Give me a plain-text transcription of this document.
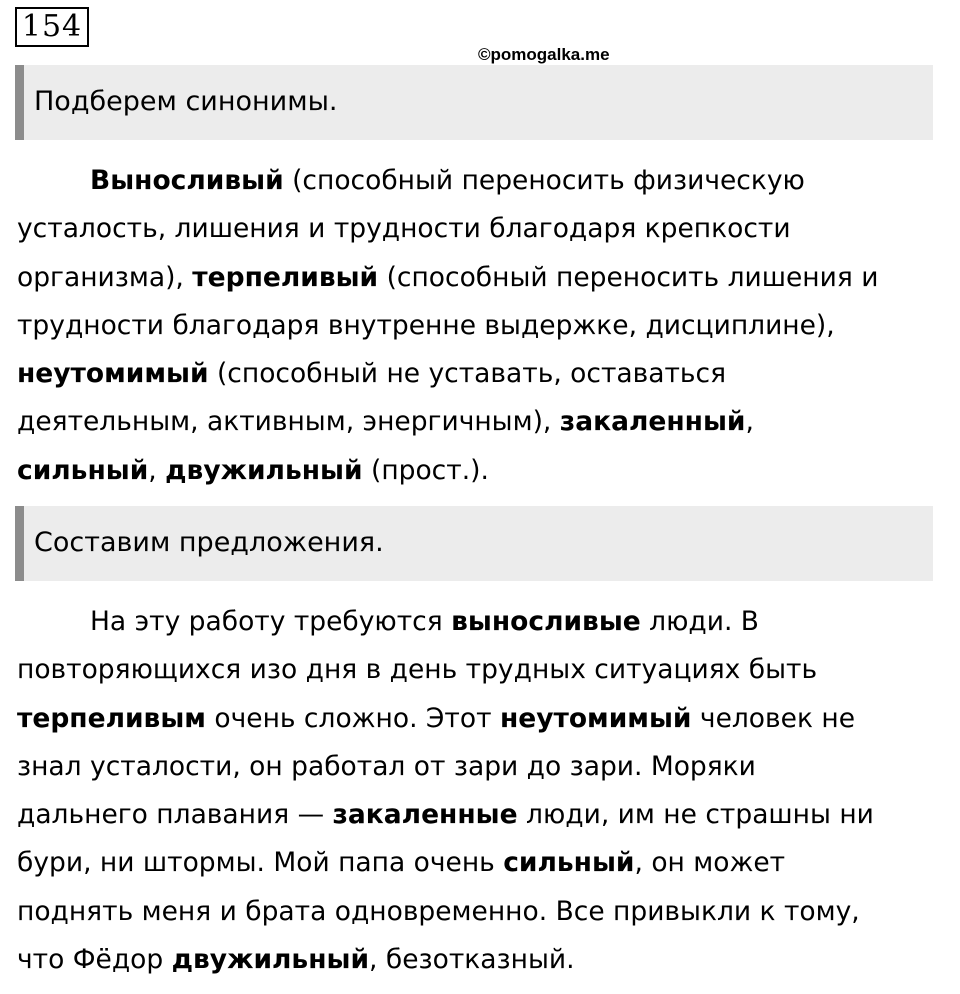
154
©pomogalka.me
Подберем синонимы.
Выносливый (способный переносить физическую
усталость, лишения и трудности благодаря крепкости
организма), терпеливый (способный переносить лишения и
трудности благодаря внутренне выдержке, дисциплине),
неутомимый (способный не уставать, оставаться
деятельным, активным, энергичным), закаленный,
сильный, двужильный (прост.).
Составим предложения.
На эту работу требуются выносливые люди. В
повторяющихся изо дня в день трудных ситуациях быть
терпеливым очень сложно. Этот неутомимый человек не
знал усталости, он работал от зари до зари. Моряки
дальнего плавания — закаленные люди, им не страшны ни
бури, ни штормы. Мой папа очень сильный, он может
поднять меня и брата одновременно. Все привыкли к тому,
что Фёдор двужильный, безотказный.
